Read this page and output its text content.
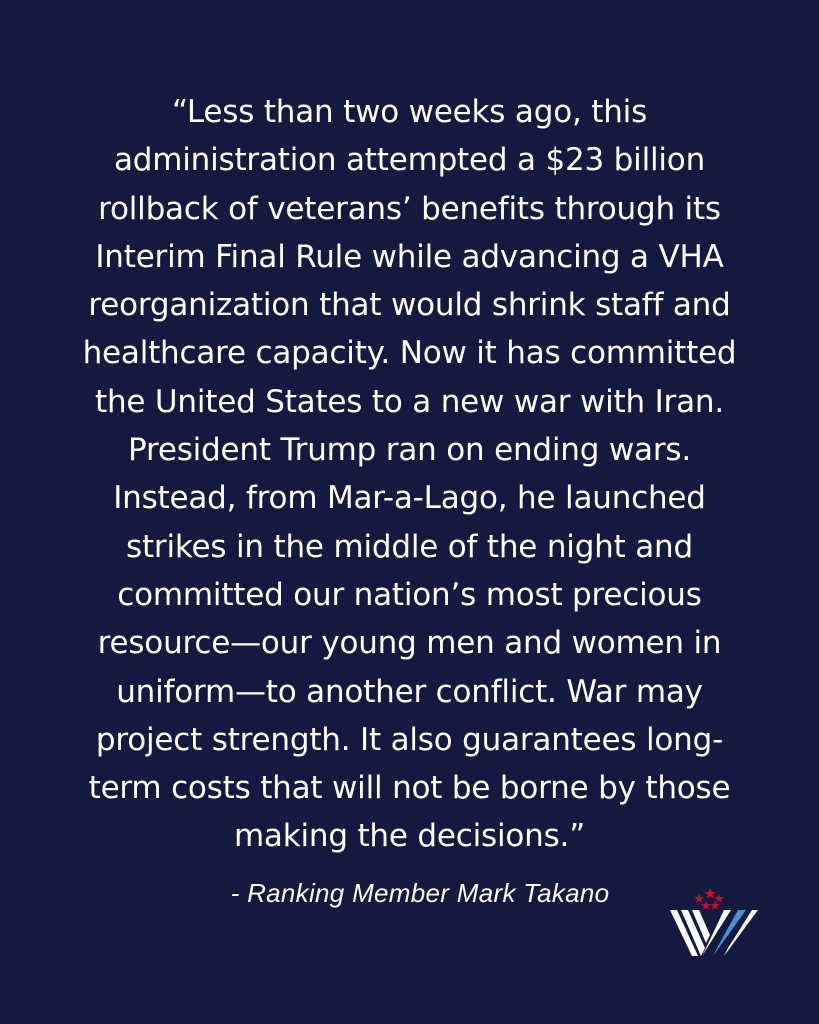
“Less than two weeks ago, this
administration attempted a $23 billion
rollback of veterans’ benefits through its
Interim Final Rule while advancing a VHA
reorganization that would shrink staff and
healthcare capacity. Now it has committed
the United States to a new war with Iran.
President Trump ran on ending wars.
Instead, from Mar-a-Lago, he launched
strikes in the middle of the night and
committed our nation’s most precious
resource—our young men and women in
uniform—to another conflict. War may
project strength. It also guarantees long-
term costs that will not be borne by those
making the decisions.”

- Ranking Member Mark Takano
